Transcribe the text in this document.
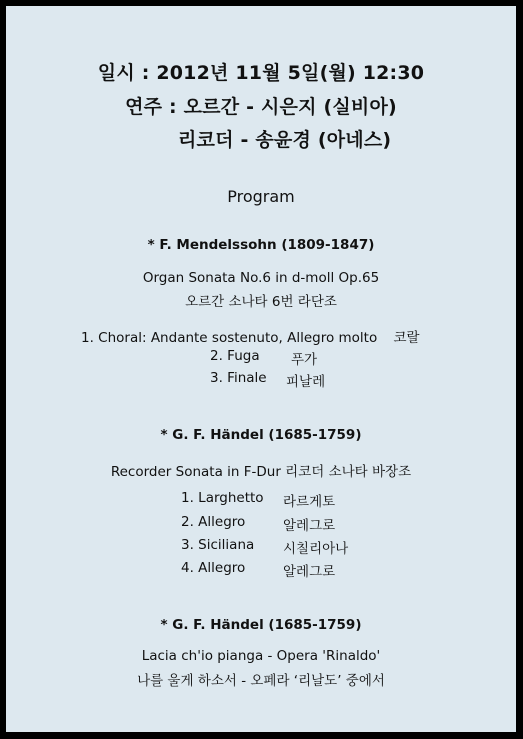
일시 : 2012년 11월 5일(월) 12:30
연주 : 오르간 - 시은지 (실비아)
리코더 - 송윤경 (아네스)
Program
* F. Mendelssohn (1809-1847)
Organ Sonata No.6 in d-moll Op.65
오르간 소나타 6번 라단조
1. Choral: Andante sostenuto, Allegro molto 코랄
2. Fuga 푸가
3. Finale 피날레
* G. F. Händel (1685-1759)
Recorder Sonata in F-Dur 리코더 소나타 바장조
1. Larghetto 라르게토
2. Allegro	알레그로
3. Siciliana 시칠리아나
4. Allegro	알레그로
* G. F. Händel (1685-1759)
Lacia ch'io pianga - Opera 'Rinaldo'
나를 울게 하소서 - 오페라 ‘리날도’ 중에서
